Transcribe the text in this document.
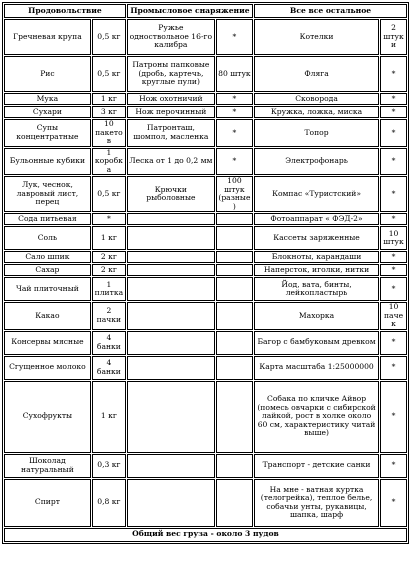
Продовольствие		Промысловое снаряжение		Все все остальное	
Гречневая крупа	0,5 кг	Ружье одноствольное 16-го калибра	*	Котелки	2 штуки
Рис	0,5 кг	Патроны папковые (дробь, картечь, круглые пули)	80 штук	Фляга	*
Мука	1 кг	Нож охотничий	*	Сковорода	*
Сухари	3 кг	Нож перочинный	*	Кружка, ложка, миска	*
Супы концентратные	10 пакетов	Патронташ, шомпол, масленка	*	Топор	*
Бульонные кубики	1 коробка	Леска от 1 до 0,2 мм	*	Электрофонарь	*
Лук, чеснок, лавровый лист, перец	0,5 кг	Крючки рыболовные	100 штук (разные)	Компас «Туристский»	*
Сода питьевая	*			Фотоаппарат « ФЭД-2»	*
Соль	1 кг			Кассеты заряженные	10 штук
Сало шпик	2 кг			Блокноты, карандаши	*
Сахар	2 кг			Наперсток, иголки, нитки	*
Чай плиточный	1 плитка			Йод, вата, бинты, лейкопластырь	*
Какао	2 пачки			Махорка	10 пачек
Консервы мясные	4 банки			Багор с бамбуковым древком	*
Сгущенное молоко	4 банки			Карта масштаба 1:25000000	*
Сухофрукты	1 кг			Собака по кличке Айвор (помесь овчарки с сибирской лайкой, рост в холке около 60 см, характеристику читай выше)	*
Шоколад натуральный	0,3 кг			Транспорт - детские санки	*
Спирт	0,8 кг			На мне - ватная куртка (телогрейка), теплое белье, собачьи унты, рукавицы, шапка, шарф	*
Общий вес груза - около 3 пудов					
